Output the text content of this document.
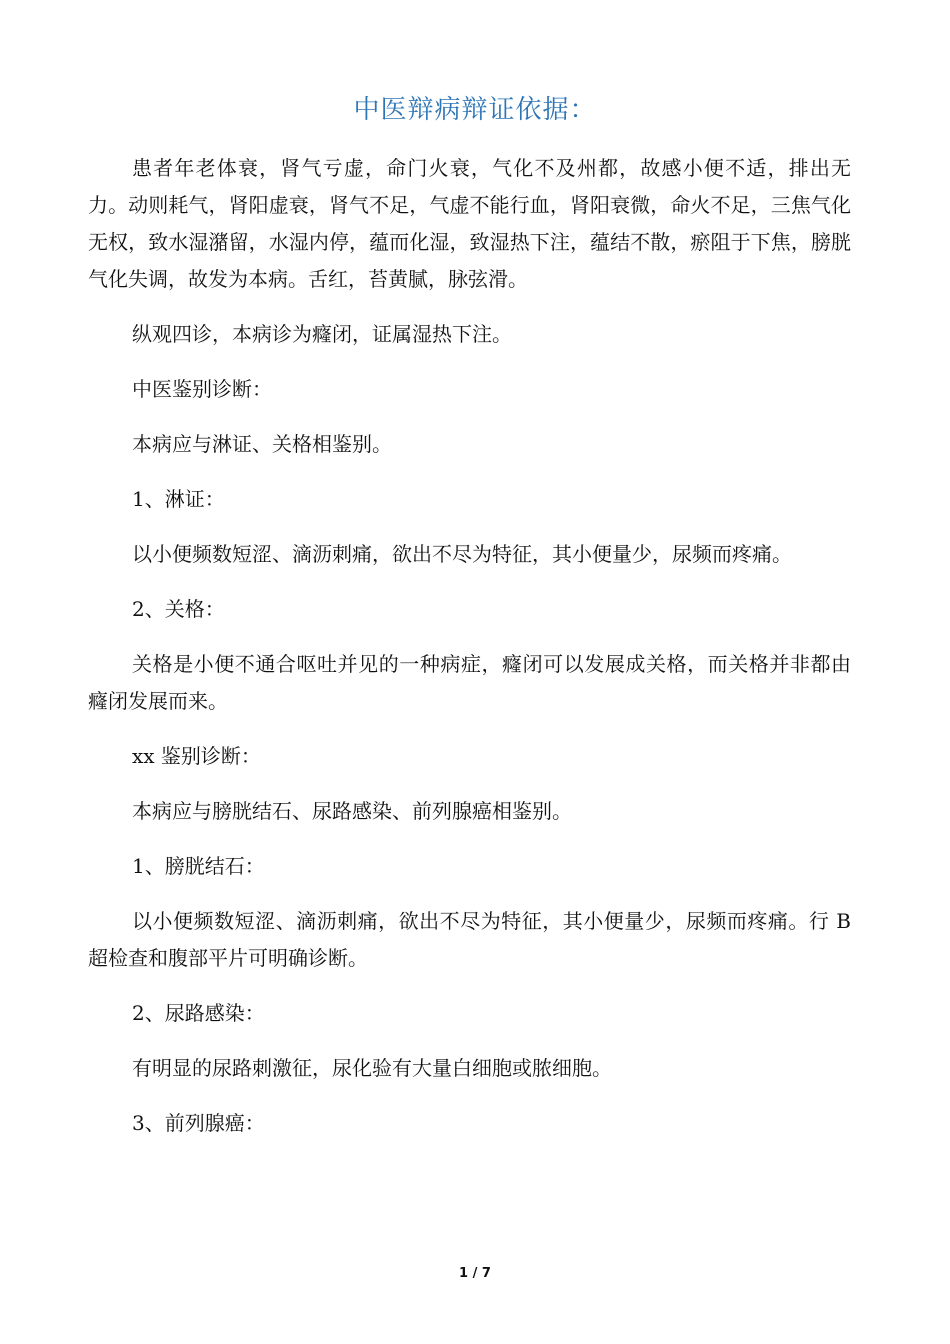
中医辩病辩证依据：

患者年老体衰，肾气亏虚，命门火衰，气化不及州都，故感小便不适，排出无力。动则耗气，肾阳虚衰，肾气不足，气虚不能行血，肾阳衰微，命火不足，三焦气化无权，致水湿潴留，水湿内停，蕴而化湿，致湿热下注，蕴结不散，瘀阻于下焦，膀胱气化失调，故发为本病。舌红，苔黄腻，脉弦滑。

纵观四诊，本病诊为癃闭，证属湿热下注。

中医鉴别诊断：

本病应与淋证、关格相鉴别。

1、淋证：

以小便频数短涩、滴沥刺痛，欲出不尽为特征，其小便量少，尿频而疼痛。

2、关格：

关格是小便不通合呕吐并见的一种病症，癃闭可以发展成关格，而关格并非都由癃闭发展而来。

xx 鉴别诊断：

本病应与膀胱结石、尿路感染、前列腺癌相鉴别。

1、膀胱结石：

以小便频数短涩、滴沥刺痛，欲出不尽为特征，其小便量少，尿频而疼痛。行 B 超检查和腹部平片可明确诊断。

2、尿路感染：

有明显的尿路刺激征，尿化验有大量白细胞或脓细胞。

3、前列腺癌：

1 / 7
